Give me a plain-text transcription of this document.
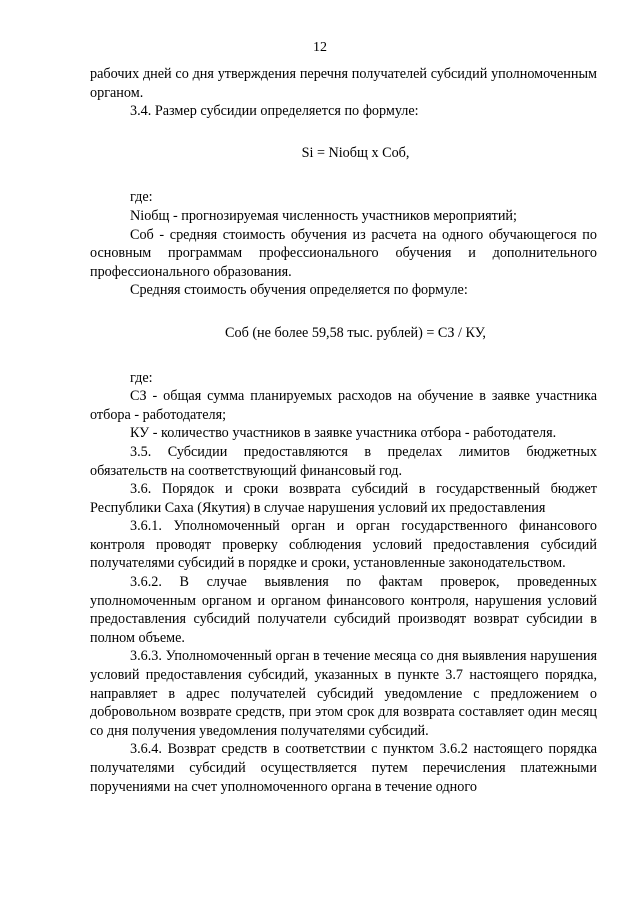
12

рабочих дней со дня утверждения перечня получателей субсидий уполномоченным органом.

3.4. Размер субсидии определяется по формуле:

Si = Niобщ x Cоб,

где:

Niобщ - прогнозируемая численность участников мероприятий;

Соб - средняя стоимость обучения из расчета на одного обучающегося по основным программам профессионального обучения и дополнительного профессионального образования.

Средняя стоимость обучения определяется по формуле:

Соб (не более 59,58 тыс. рублей) = СЗ / КУ,

где:

СЗ - общая сумма планируемых расходов на обучение в заявке участника отбора - работодателя;

КУ - количество участников в заявке участника отбора - работодателя.

3.5. Субсидии предоставляются в пределах лимитов бюджетных обязательств на соответствующий финансовый год.

3.6. Порядок и сроки возврата субсидий в государственный бюджет Республики Саха (Якутия) в случае нарушения условий их предоставления

3.6.1. Уполномоченный орган и орган государственного финансового контроля проводят проверку соблюдения условий предоставления субсидий получателями субсидий в порядке и сроки, установленные законодательством.

3.6.2. В случае выявления по фактам проверок, проведенных уполномоченным органом и органом финансового контроля, нарушения условий предоставления субсидий получатели субсидий производят возврат субсидии в полном объеме.

3.6.3. Уполномоченный орган в течение месяца со дня выявления нарушения условий предоставления субсидий, указанных в пункте 3.7 настоящего порядка, направляет в адрес получателей субсидий уведомление с предложением о добровольном возврате средств, при этом срок для возврата составляет один месяц со дня получения уведомления получателями субсидий.

3.6.4. Возврат средств в соответствии с пунктом 3.6.2 настоящего порядка получателями субсидий осуществляется путем перечисления платежными поручениями на счет уполномоченного органа в течение одного
